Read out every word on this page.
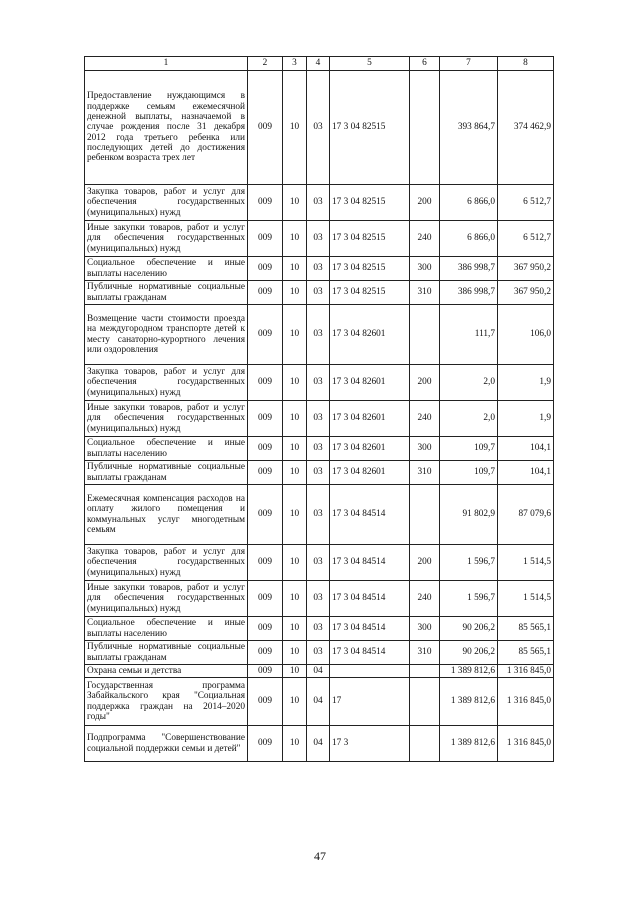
1	2	3	4	5	6	7	8
Предоставление нуждающимся в поддержке семьям ежемесячной денежной выплаты, назначаемой в случае рождения после 31 декабря 2012 года третьего ребенка или последующих детей до достижения ребенком возраста трех лет	009	10	03	17 3 04 82515		393 864,7	374 462,9
Закупка товаров, работ и услуг для обеспечения государственных (муниципальных) нужд	009	10	03	17 3 04 82515	200	6 866,0	6 512,7
Иные закупки товаров, работ и услуг для обеспечения государственных (муниципальных) нужд	009	10	03	17 3 04 82515	240	6 866,0	6 512,7
Социальное обеспечение и иные выплаты населению	009	10	03	17 3 04 82515	300	386 998,7	367 950,2
Публичные нормативные социальные выплаты гражданам	009	10	03	17 3 04 82515	310	386 998,7	367 950,2
Возмещение части стоимости проезда на междугородном транспорте детей к месту санаторно-курортного лечения или оздоровления	009	10	03	17 3 04 82601		111,7	106,0
Закупка товаров, работ и услуг для обеспечения государственных (муниципальных) нужд	009	10	03	17 3 04 82601	200	2,0	1,9
Иные закупки товаров, работ и услуг для обеспечения государственных (муниципальных) нужд	009	10	03	17 3 04 82601	240	2,0	1,9
Социальное обеспечение и иные выплаты населению	009	10	03	17 3 04 82601	300	109,7	104,1
Публичные нормативные социальные выплаты гражданам	009	10	03	17 3 04 82601	310	109,7	104,1
Ежемесячная компенсация расходов на оплату жилого помещения и коммунальных услуг многодетным семьям	009	10	03	17 3 04 84514		91 802,9	87 079,6
Закупка товаров, работ и услуг для обеспечения государственных (муниципальных) нужд	009	10	03	17 3 04 84514	200	1 596,7	1 514,5
Иные закупки товаров, работ и услуг для обеспечения государственных (муниципальных) нужд	009	10	03	17 3 04 84514	240	1 596,7	1 514,5
Социальное обеспечение и иные выплаты населению	009	10	03	17 3 04 84514	300	90 206,2	85 565,1
Публичные нормативные социальные выплаты гражданам	009	10	03	17 3 04 84514	310	90 206,2	85 565,1
Охрана семьи и детства	009	10	04			1 389 812,6	1 316 845,0
Государственная программа Забайкальского края "Социальная поддержка граждан на 2014–2020 годы"	009	10	04	17		1 389 812,6	1 316 845,0
Подпрограмма "Совершенствование социальной поддержки семьи и детей"	009	10	04	17 3		1 389 812,6	1 316 845,0
47
